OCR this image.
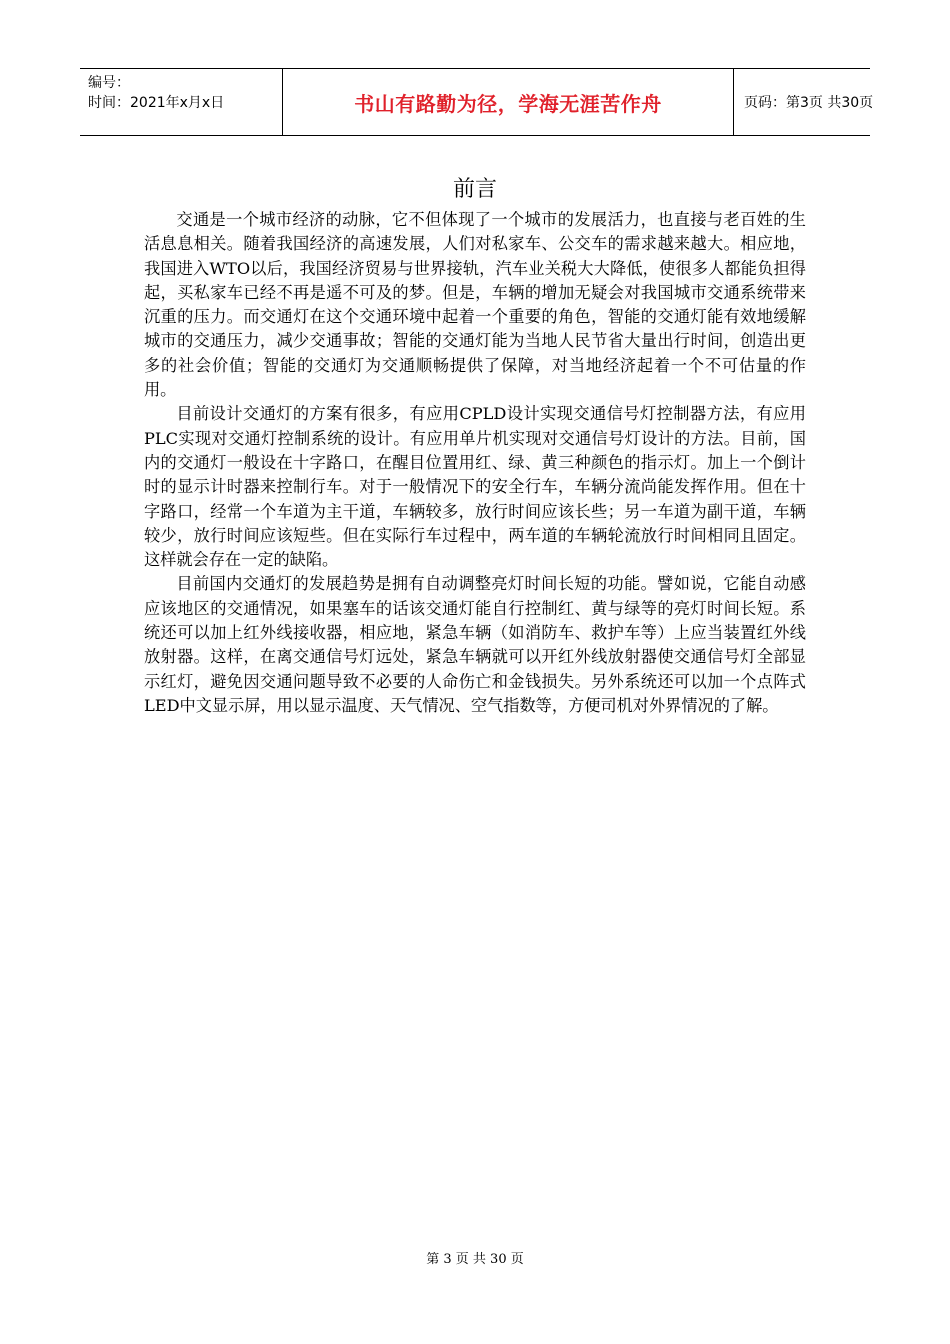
编号：
时间：2021年x月x日	书山有路勤为径，学海无涯苦作舟	页码：第3页 共30页
前言

交通是一个城市经济的动脉，它不但体现了一个城市的发展活力，也直接与老百姓的生活息息相关。随着我国经济的高速发展，人们对私家车、公交车的需求越来越大。相应地，我国进入WTO以后，我国经济贸易与世界接轨，汽车业关税大大降低，使很多人都能负担得起，买私家车已经不再是遥不可及的梦。但是，车辆的增加无疑会对我国城市交通系统带来沉重的压力。而交通灯在这个交通环境中起着一个重要的角色，智能的交通灯能有效地缓解城市的交通压力，减少交通事故；智能的交通灯能为当地人民节省大量出行时间，创造出更多的社会价值；智能的交通灯为交通顺畅提供了保障，对当地经济起着一个不可估量的作用。

目前设计交通灯的方案有很多，有应用CPLD设计实现交通信号灯控制器方法，有应用PLC实现对交通灯控制系统的设计。有应用单片机实现对交通信号灯设计的方法。目前，国内的交通灯一般设在十字路口，在醒目位置用红、绿、黄三种颜色的指示灯。加上一个倒计时的显示计时器来控制行车。对于一般情况下的安全行车，车辆分流尚能发挥作用。但在十字路口，经常一个车道为主干道，车辆较多，放行时间应该长些；另一车道为副干道，车辆较少，放行时间应该短些。但在实际行车过程中，两车道的车辆轮流放行时间相同且固定。这样就会存在一定的缺陷。

目前国内交通灯的发展趋势是拥有自动调整亮灯时间长短的功能。譬如说，它能自动感应该地区的交通情况，如果塞车的话该交通灯能自行控制红、黄与绿等的亮灯时间长短。系统还可以加上红外线接收器，相应地，紧急车辆（如消防车、救护车等）上应当装置红外线放射器。这样，在离交通信号灯远处，紧急车辆就可以开红外线放射器使交通信号灯全部显示红灯，避免因交通问题导致不必要的人命伤亡和金钱损失。另外系统还可以加一个点阵式LED中文显示屏，用以显示温度、天气情况、空气指数等，方便司机对外界情况的了解。

第 3 页 共 30 页
